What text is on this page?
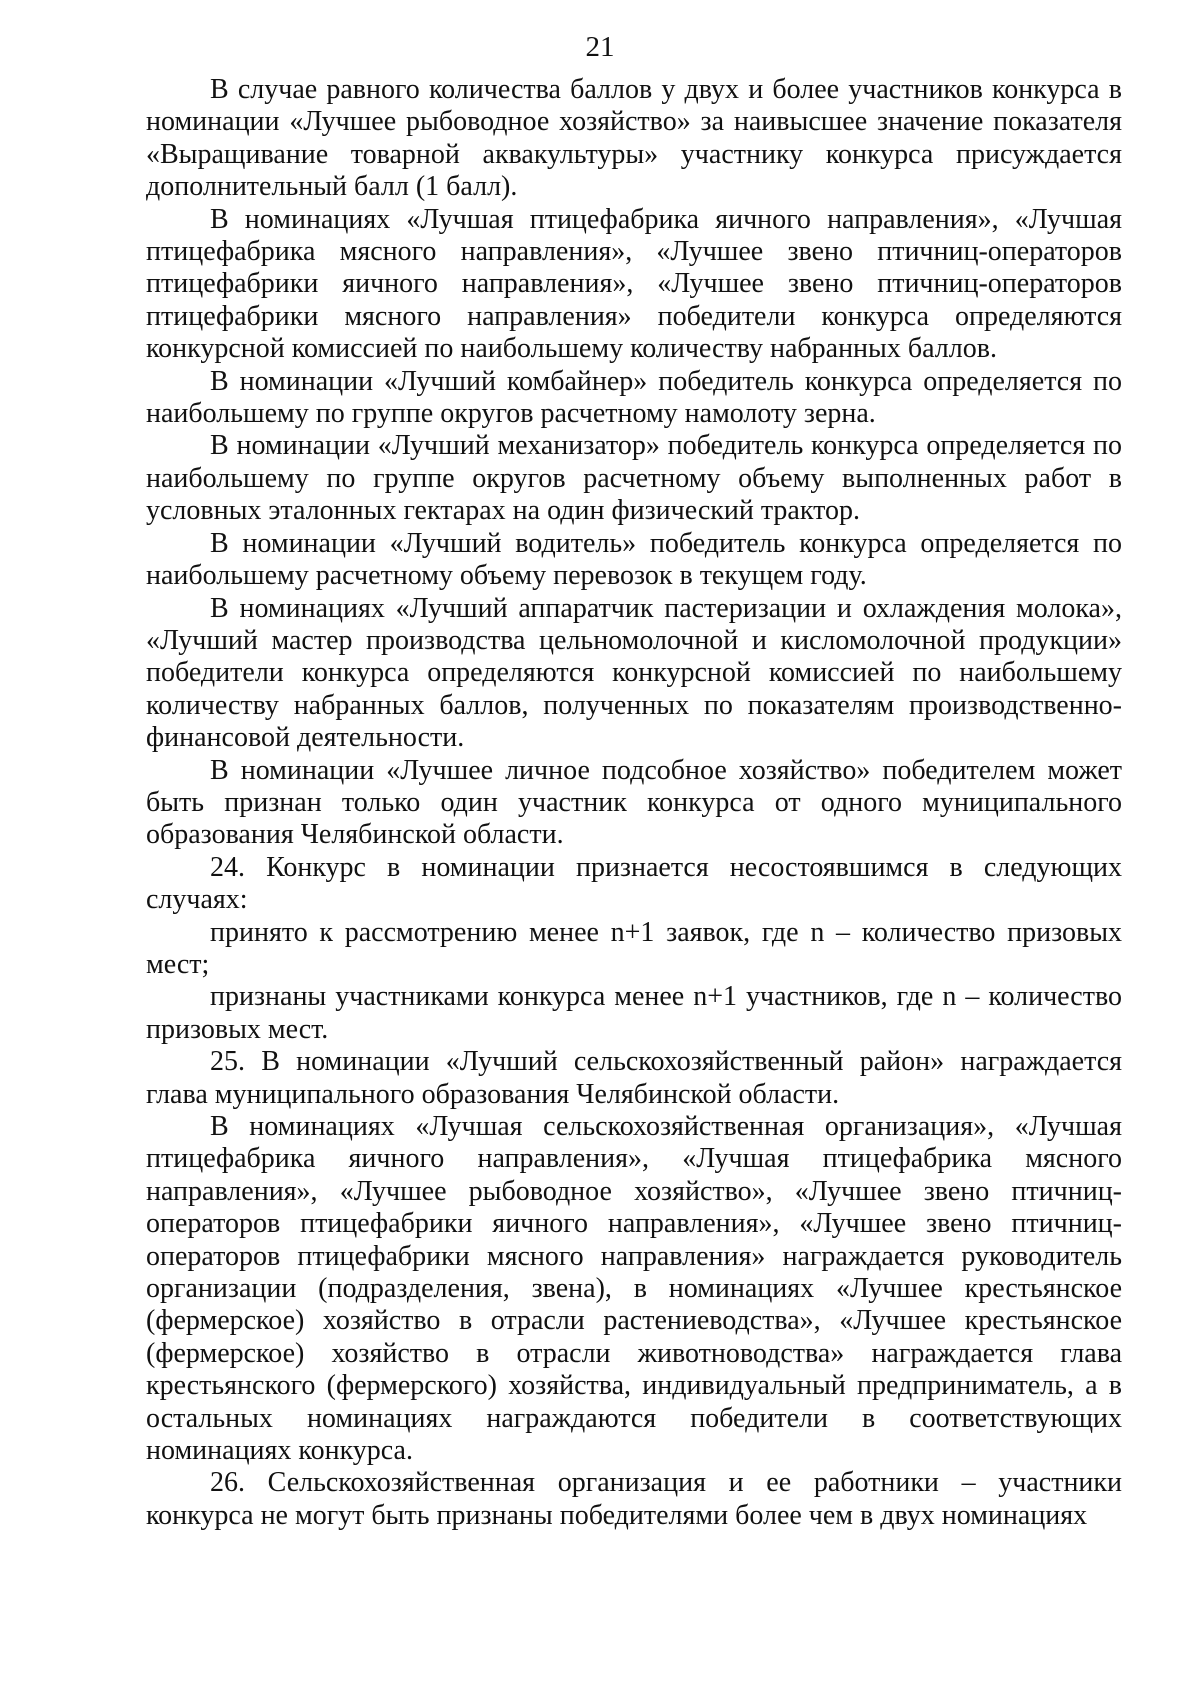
21

В случае равного количества баллов у двух и более участников конкурса в номинации «Лучшее рыбоводное хозяйство» за наивысшее значение показателя «Выращивание товарной аквакультуры» участнику конкурса присуждается дополнительный балл (1 балл).

В номинациях «Лучшая птицефабрика яичного направления», «Лучшая птицефабрика мясного направления», «Лучшее звено птичниц-операторов птицефабрики яичного направления», «Лучшее звено птичниц-операторов птицефабрики мясного направления» победители конкурса определяются конкурсной комиссией по наибольшему количеству набранных баллов.

В номинации «Лучший комбайнер» победитель конкурса определяется по наибольшему по группе округов расчетному намолоту зерна.

В номинации «Лучший механизатор» победитель конкурса определяется по наибольшему по группе округов расчетному объему выполненных работ в условных эталонных гектарах на один физический трактор.

В номинации «Лучший водитель» победитель конкурса определяется по наибольшему расчетному объему перевозок в текущем году.

В номинациях «Лучший аппаратчик пастеризации и охлаждения молока», «Лучший мастер производства цельномолочной и кисломолочной продукции» победители конкурса определяются конкурсной комиссией по наибольшему количеству набранных баллов, полученных по показателям производственно-финансовой деятельности.

В номинации «Лучшее личное подсобное хозяйство» победителем может быть признан только один участник конкурса от одного муниципального образования Челябинской области.

24. Конкурс в номинации признается несостоявшимся в следующих случаях:

принято к рассмотрению менее n+1 заявок, где n – количество призовых мест;

признаны участниками конкурса менее n+1 участников, где n – количество призовых мест.

25. В номинации «Лучший сельскохозяйственный район» награждается глава муниципального образования Челябинской области.

В номинациях «Лучшая сельскохозяйственная организация», «Лучшая птицефабрика яичного направления», «Лучшая птицефабрика мясного направления», «Лучшее рыбоводное хозяйство», «Лучшее звено птичниц-операторов птицефабрики яичного направления», «Лучшее звено птичниц-операторов птицефабрики мясного направления» награждается руководитель организации (подразделения, звена), в номинациях «Лучшее крестьянское (фермерское) хозяйство в отрасли растениеводства», «Лучшее крестьянское (фермерское) хозяйство в отрасли животноводства» награждается глава крестьянского (фермерского) хозяйства, индивидуальный предприниматель, а в остальных номинациях награждаются победители в соответствующих номинациях конкурса.

26. Сельскохозяйственная организация и ее работники – участники конкурса не могут быть признаны победителями более чем в двух номинациях
